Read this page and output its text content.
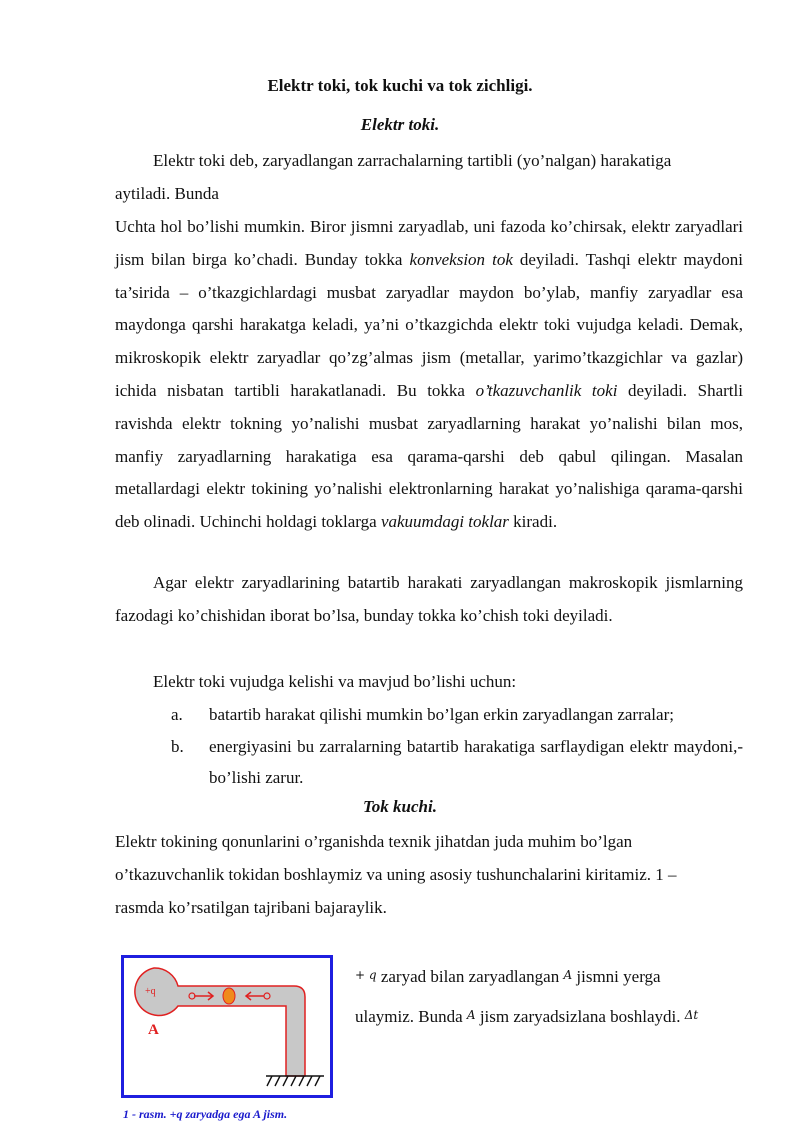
Elektr toki, tok kuchi va tok zichligi.
Elektr toki.
Elektr toki deb, zaryadlangan zarrachalarning tartibli (yo’nalgan) harakatiga
aytiladi. Bunda
Uchta hol bo’lishi mumkin. Biror jismni zaryadlab, uni fazoda ko’chirsak, elektr zaryadlari jism bilan birga ko’chadi. Bunday tokka konveksion tok deyiladi. Tashqi elektr maydoni ta’sirida – o’tkazgichlardagi musbat zaryadlar maydon bo’ylab, manfiy zaryadlar esa maydonga qarshi harakatga keladi, ya’ni o’tkazgichda elektr toki vujudga keladi. Demak, mikroskopik elektr zaryadlar qo’zg’almas jism (metallar, yarimo’tkazgichlar va gazlar) ichida nisbatan tartibli harakatlanadi. Bu tokka o’tkazuvchanlik toki deyiladi. Shartli ravishda elektr tokning yo’nalishi musbat zaryadlarning harakat yo’nalishi bilan mos, manfiy zaryadlarning harakatiga esa qarama-qarshi deb qabul qilingan. Masalan metallardagi elektr tokining yo’nalishi elektronlarning harakat yo’nalishiga qarama-qarshi deb olinadi. Uchinchi holdagi toklarga vakuumdagi toklar kiradi.
Agar elektr zaryadlarining batartib harakati zaryadlangan makroskopik jismlarning fazodagi ko’chishidan iborat bo’lsa, bunday tokka ko’chish toki deyiladi.
Elektr toki vujudga kelishi va mavjud bo’lishi uchun:
a. batartib harakat qilishi mumkin bo’lgan erkin zaryadlangan zarralar;
b. energiyasini bu zarralarning batartib harakatiga sarflaydigan elektr maydoni,- bo’lishi zarur.
Tok kuchi.
Elektr tokining qonunlarini o’rganishda texnik jihatdan juda muhim bo’lgan
o’tkazuvchanlik tokidan boshlaymiz va uning asosiy tushunchalarini kiritamiz. 1 –
rasmda ko’rsatilgan tajribani bajaraylik.
+q
A
1 - rasm. +q zaryadga ega A jism.
+ q zaryad bilan zaryadlangan A jismni yerga
ulaymiz. Bunda A jism zaryadsizlana boshlaydi. Δt
